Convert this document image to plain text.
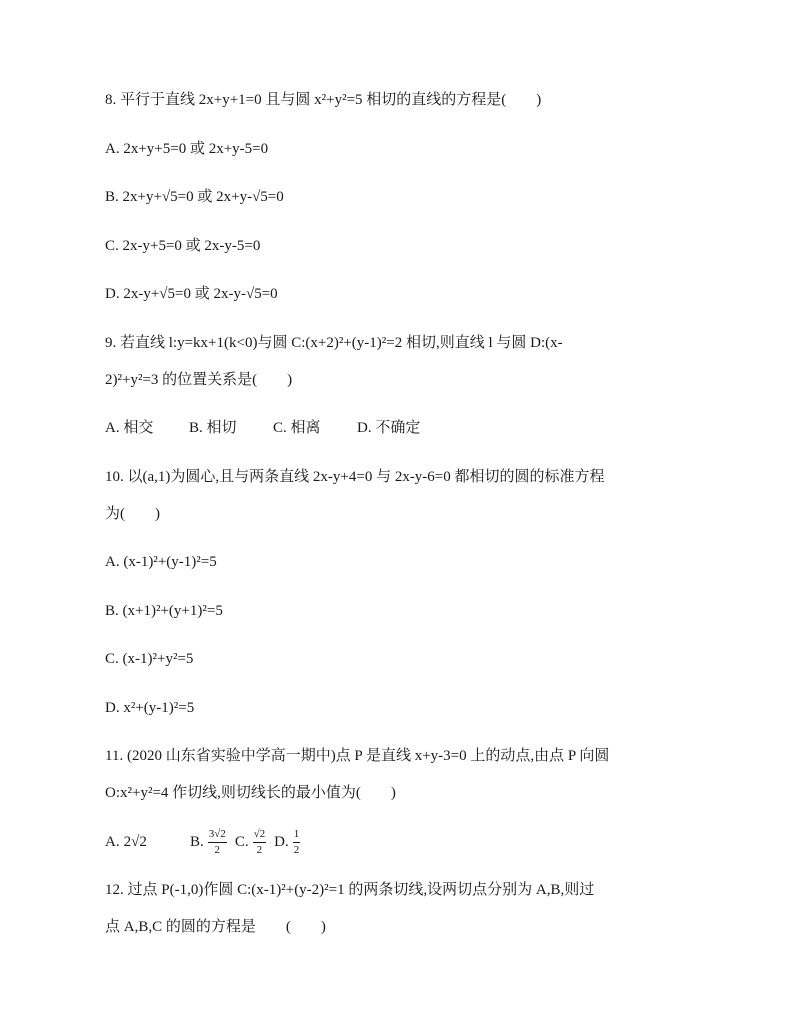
8. 平行于直线 2x+y+1=0 且与圆 x²+y²=5 相切的直线的方程是(　　)
A. 2x+y+5=0 或 2x+y-5=0
B. 2x+y+√5=0 或 2x+y-√5=0
C. 2x-y+5=0 或 2x-y-5=0
D. 2x-y+√5=0 或 2x-y-√5=0
9. 若直线 l:y=kx+1(k<0)与圆 C:(x+2)²+(y-1)²=2 相切,则直线 l 与圆 D:(x-
2)²+y²=3 的位置关系是(　　)
A. 相交 B. 相切 C. 相离 D. 不确定
10. 以(a,1)为圆心,且与两条直线 2x-y+4=0 与 2x-y-6=0 都相切的圆的标准方程
为(　　)
A. (x-1)²+(y-1)²=5
B. (x+1)²+(y+1)²=5
C. (x-1)²+y²=5
D. x²+(y-1)²=5
11. (2020 山东省实验中学高一期中)点 P 是直线 x+y-3=0 上的动点,由点 P 向圆
O:x²+y²=4 作切线,则切线长的最小值为(　　)
A. 2√2	B. $\frac{3√2}{2} C$. $\frac{√2}{2} D$. $\frac{1}{2}$
12. 过点 P(-1,0)作圆 C:(x-1)²+(y-2)²=1 的两条切线,设两切点分别为 A,B,则过
点 A,B,C 的圆的方程是　　(　　)
